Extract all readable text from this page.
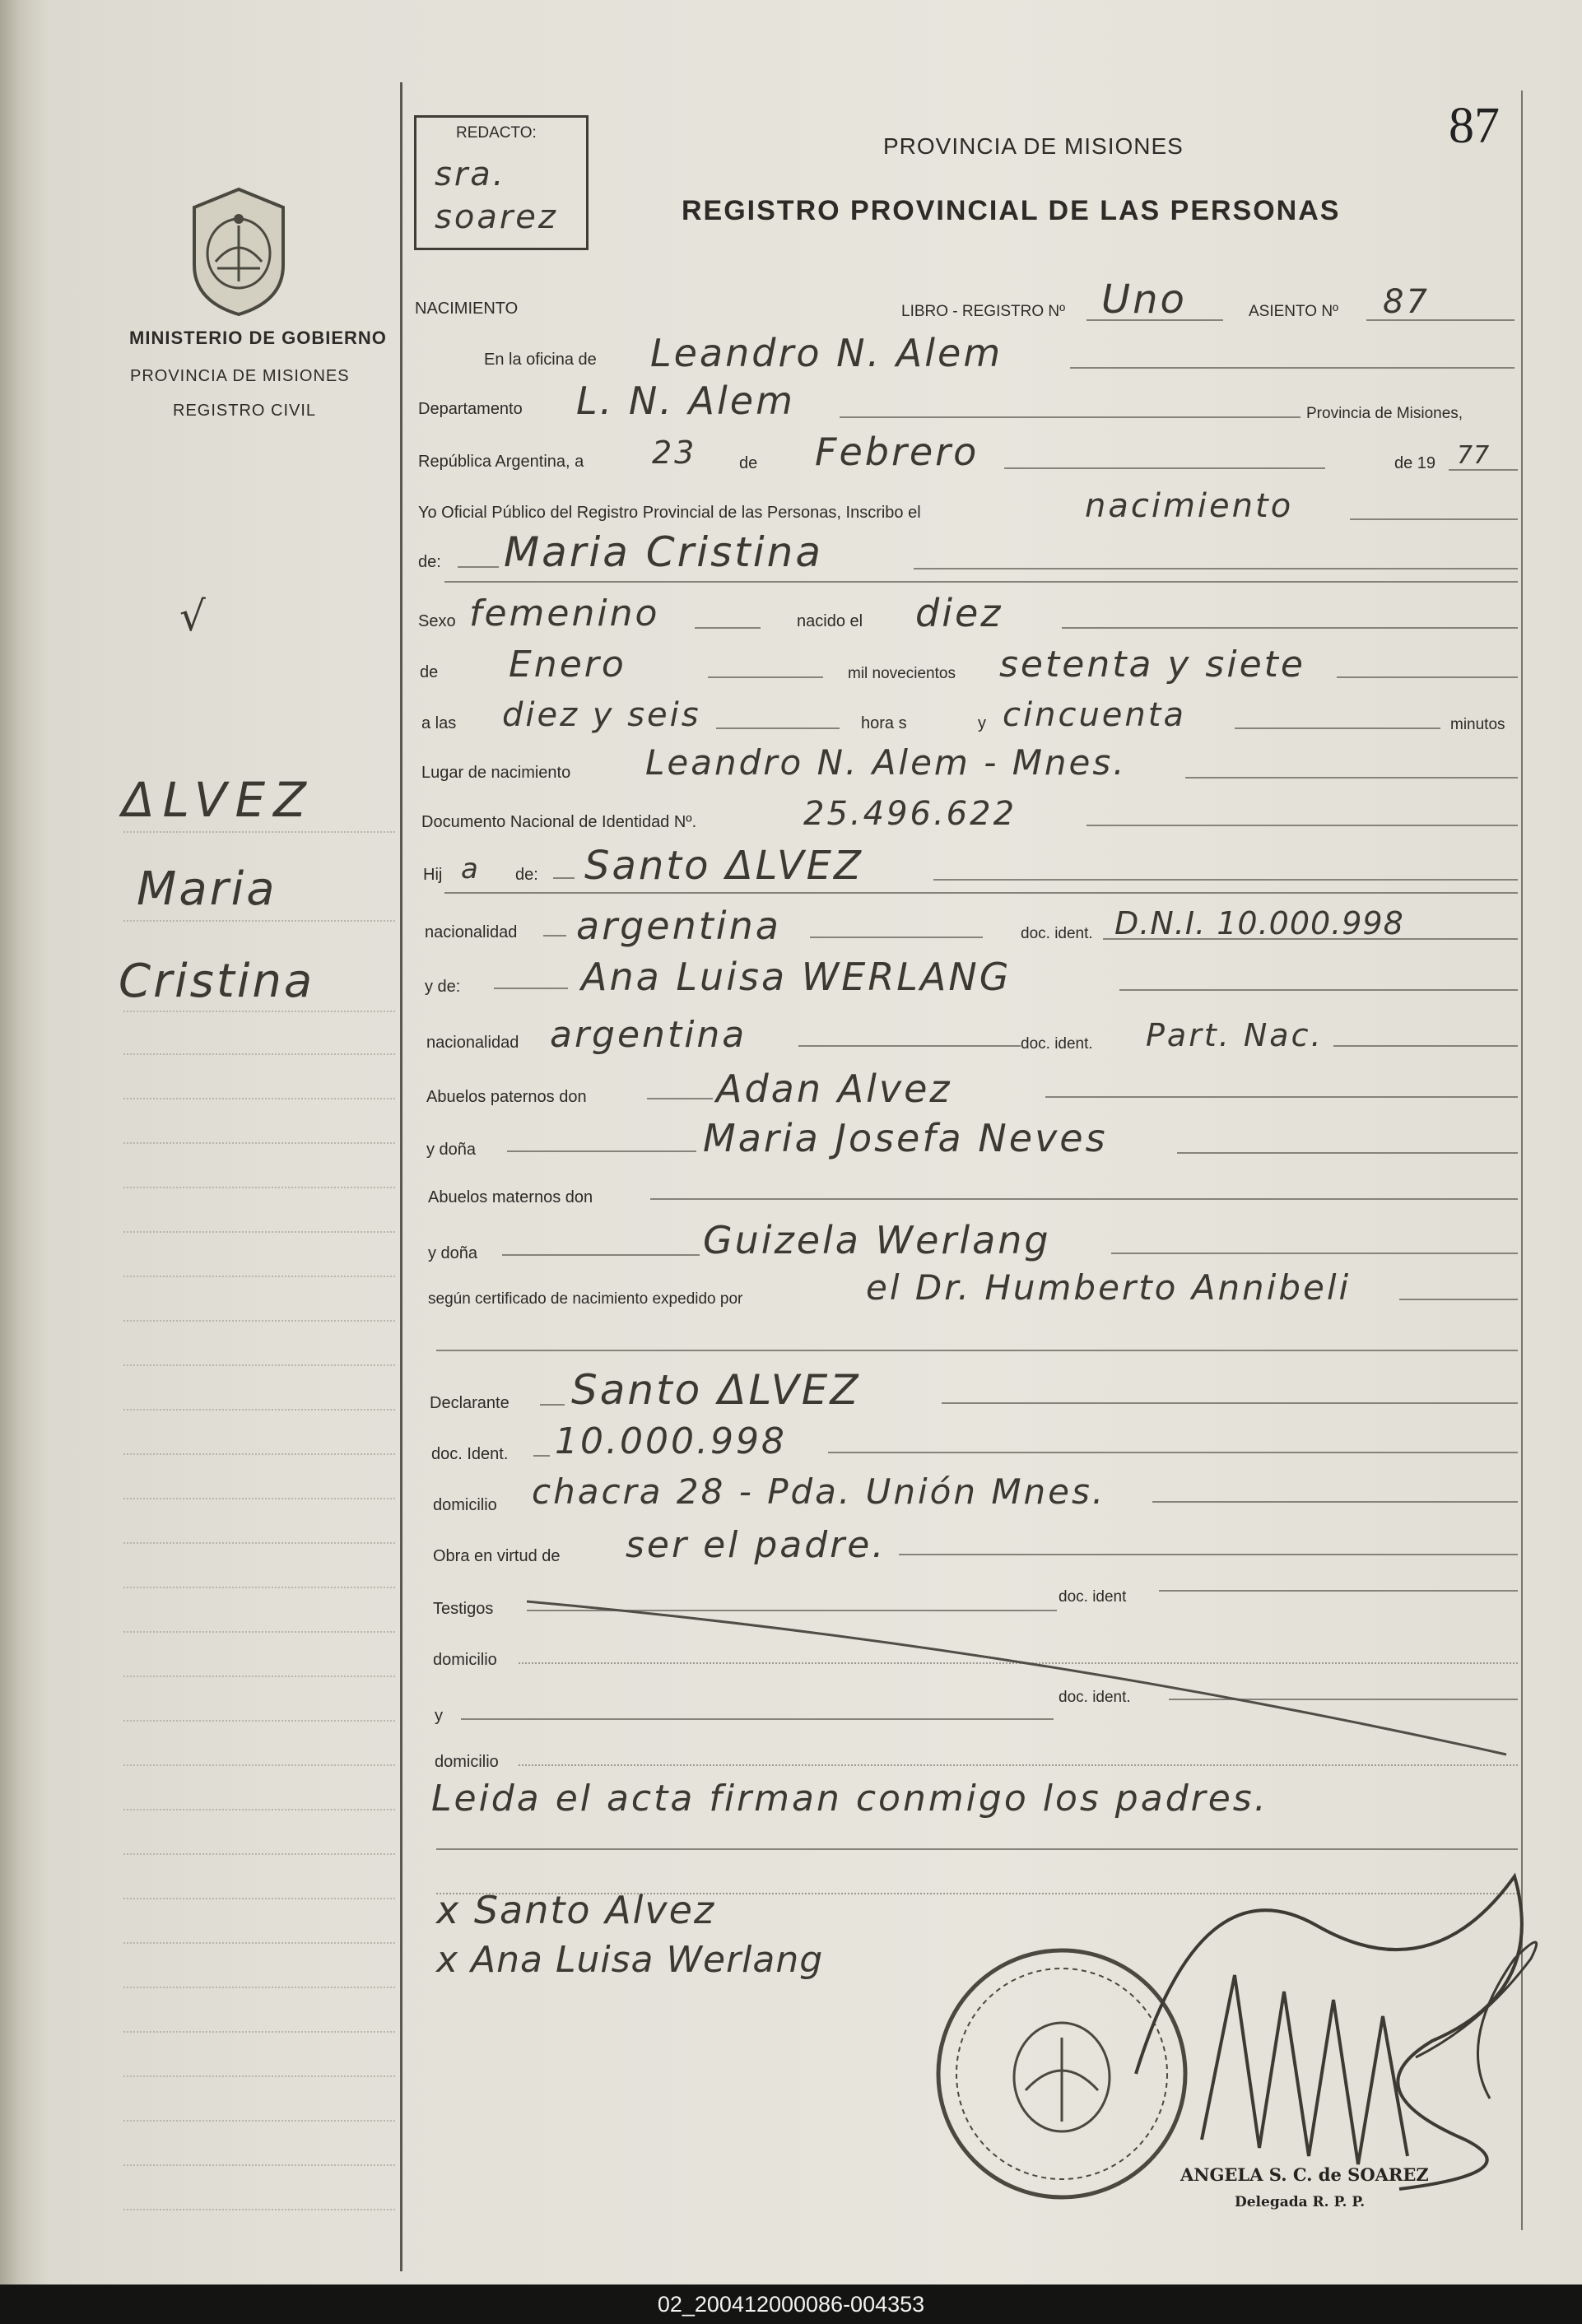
87
REDACTO:
sra.
soarez
PROVINCIA DE MISIONES
REGISTRO PROVINCIAL DE LAS PERSONAS
MINISTERIO DE GOBIERNO
PROVINCIA DE MISIONES
REGISTRO CIVIL
√
ΔLVEZ
Maria
Cristina
NACIMIENTO	LIBRO - REGISTRO Nº Uno	ASIENTO Nº 87
En la oficina de Leandro N. Alem
Departamento L. N. Alem	Provincia de Misiones,
República Argentina, a 23	de Febrero	de 19 77
Yo Oficial Público del Registro Provincial de las Personas, Inscribo el	nacimiento
de: Maria Cristina
Sexo femenino	nacido el diez
de Enero	mil novecientos setenta y siete
a las diez y seis	hora s	y cincuenta	minutos
Lugar de nacimiento Leandro N. Alem - Mnes.
Documento Nacional de Identidad Nº.	25.496.622
Hij a de: Santo ΔLVEZ
nacionalidad argentina	doc. ident. D.N.I. 10.000.998
y de:	Ana Luisa WERLANG
nacionalidad argentina	doc. ident. Part. Nac.
Abuelos paternos don	Adan Alvez
y doña	Maria Josefa Neves
Abuelos maternos don
y doña	Guizela Werlang
según certificado de nacimiento expedido por	el Dr. Humberto Annibeli
Declarante Santo ΔLVEZ
doc. Ident. 10.000.998
domicilio chacra 28 - Pda. Unión Mnes.
Obra en virtud de ser el padre.
Testigos
doc. ident
domicilio
y
doc. ident.
domicilio
Leida el acta firman conmigo los padres.
x Santo Alvez
x Ana Luisa Werlang
ANGELA S. C. de SOAREZ
Delegada R. P. P.
02_200412000086-004353
